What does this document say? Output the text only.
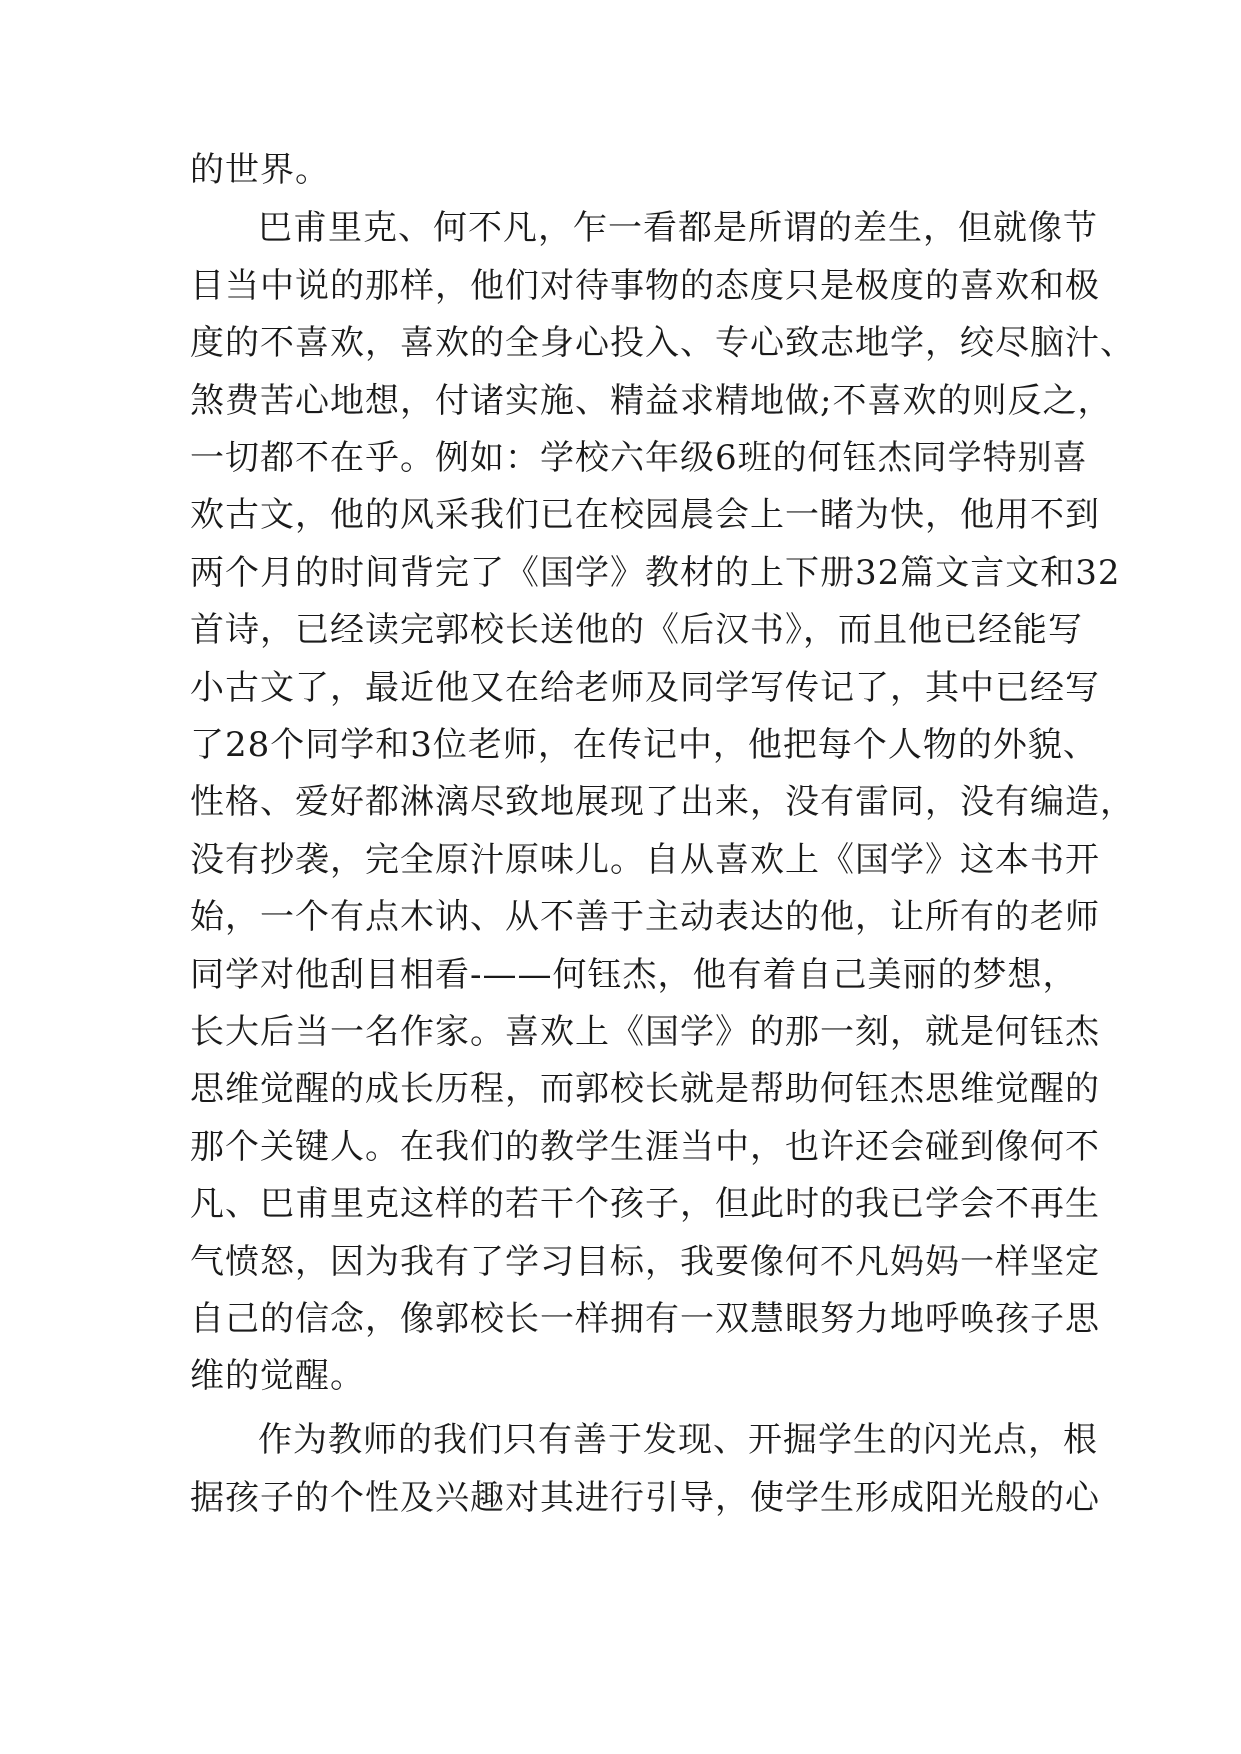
的世界。
巴甫里克、何不凡，乍一看都是所谓的差生，但就像节
目当中说的那样，他们对待事物的态度只是极度的喜欢和极
度的不喜欢，喜欢的全身心投入、专心致志地学，绞尽脑汁、
煞费苦心地想，付诸实施、精益求精地做;不喜欢的则反之，
一切都不在乎。例如：学校六年级6班的何钰杰同学特别喜
欢古文，他的风采我们已在校园晨会上一睹为快，他用不到
两个月的时间背完了《国学》教材的上下册32篇文言文和32
首诗，已经读完郭校长送他的《后汉书》，而且他已经能写
小古文了，最近他又在给老师及同学写传记了，其中已经写
了28个同学和3位老师，在传记中，他把每个人物的外貌、
性格、爱好都淋漓尽致地展现了出来，没有雷同，没有编造，
没有抄袭，完全原汁原味儿。自从喜欢上《国学》这本书开
始，一个有点木讷、从不善于主动表达的他，让所有的老师
同学对他刮目相看-——何钰杰，他有着自己美丽的梦想，
长大后当一名作家。喜欢上《国学》的那一刻，就是何钰杰
思维觉醒的成长历程，而郭校长就是帮助何钰杰思维觉醒的
那个关键人。在我们的教学生涯当中，也许还会碰到像何不
凡、巴甫里克这样的若干个孩子，但此时的我已学会不再生
气愤怒，因为我有了学习目标，我要像何不凡妈妈一样坚定
自己的信念，像郭校长一样拥有一双慧眼努力地呼唤孩子思
维的觉醒。
作为教师的我们只有善于发现、开掘学生的闪光点，根
据孩子的个性及兴趣对其进行引导，使学生形成阳光般的心
